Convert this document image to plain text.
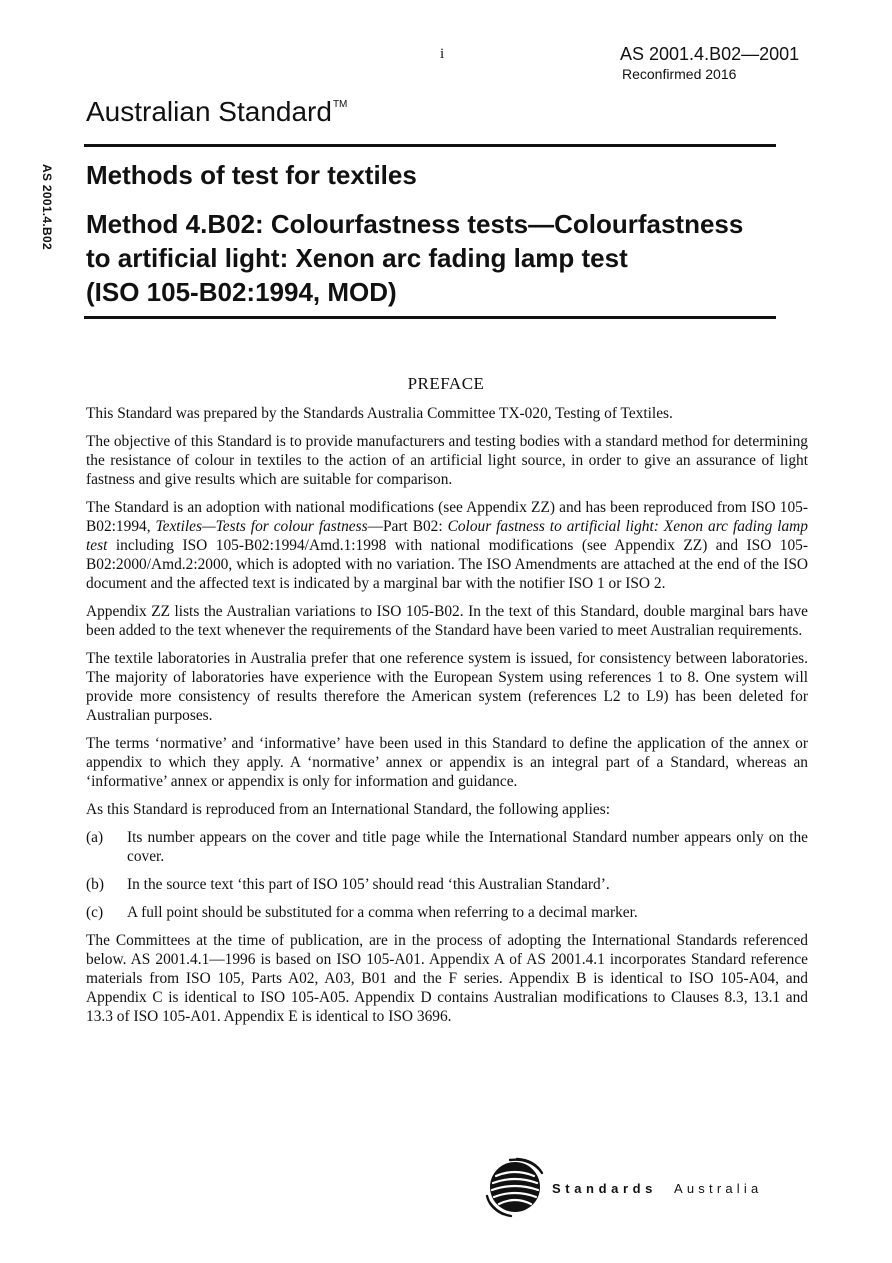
i	AS 2001.4.B02—2001
Reconfirmed 2016
Australian Standard™
AS 2001.4.B02 Methods of test for textiles
Method 4.B02: Colourfastness tests—Colourfastness
to artificial light: Xenon arc fading lamp test
(ISO 105-B02:1994, MOD)
PREFACE

This Standard was prepared by the Standards Australia Committee TX-020, Testing of Textiles.

The objective of this Standard is to provide manufacturers and testing bodies with a standard method for determining the resistance of colour in textiles to the action of an artificial light source, in order to give an assurance of light fastness and give results which are suitable for comparison.

The Standard is an adoption with national modifications (see Appendix ZZ) and has been reproduced from ISO 105-B02:1994, Textiles—Tests for colour fastness—Part B02: Colour fastness to artificial light: Xenon arc fading lamp test including ISO 105-B02:1994/Amd.1:1998 with national modifications (see Appendix ZZ) and ISO 105-B02:2000/Amd.2:2000, which is adopted with no variation. The ISO Amendments are attached at the end of the ISO document and the affected text is indicated by a marginal bar with the notifier ISO 1 or ISO 2.

Appendix ZZ lists the Australian variations to ISO 105-B02. In the text of this Standard, double marginal bars have been added to the text whenever the requirements of the Standard have been varied to meet Australian requirements.

The textile laboratories in Australia prefer that one reference system is issued, for consistency between laboratories. The majority of laboratories have experience with the European System using references 1 to 8. One system will provide more consistency of results therefore the American system (references L2 to L9) has been deleted for Australian purposes.

The terms ‘normative’ and ‘informative’ have been used in this Standard to define the application of the annex or appendix to which they apply. A ‘normative’ annex or appendix is an integral part of a Standard, whereas an ‘informative’ annex or appendix is only for information and guidance.

As this Standard is reproduced from an International Standard, the following applies:

(a)	Its number appears on the cover and title page while the International Standard number appears only on the cover.
(b)	In the source text ‘this part of ISO 105’ should read ‘this Australian Standard’.
(c)	A full point should be substituted for a comma when referring to a decimal marker.

The Committees at the time of publication, are in the process of adopting the International Standards referenced below. AS 2001.4.1—1996 is based on ISO 105-A01. Appendix A of AS 2001.4.1 incorporates Standard reference materials from ISO 105, Parts A02, A03, B01 and the F series. Appendix B is identical to ISO 105-A04, and Appendix C is identical to ISO 105-A05. Appendix D contains Australian modifications to Clauses 8.3, 13.1 and 13.3 of ISO 105-A01. Appendix E is identical to ISO 3696.

Standards Australia
